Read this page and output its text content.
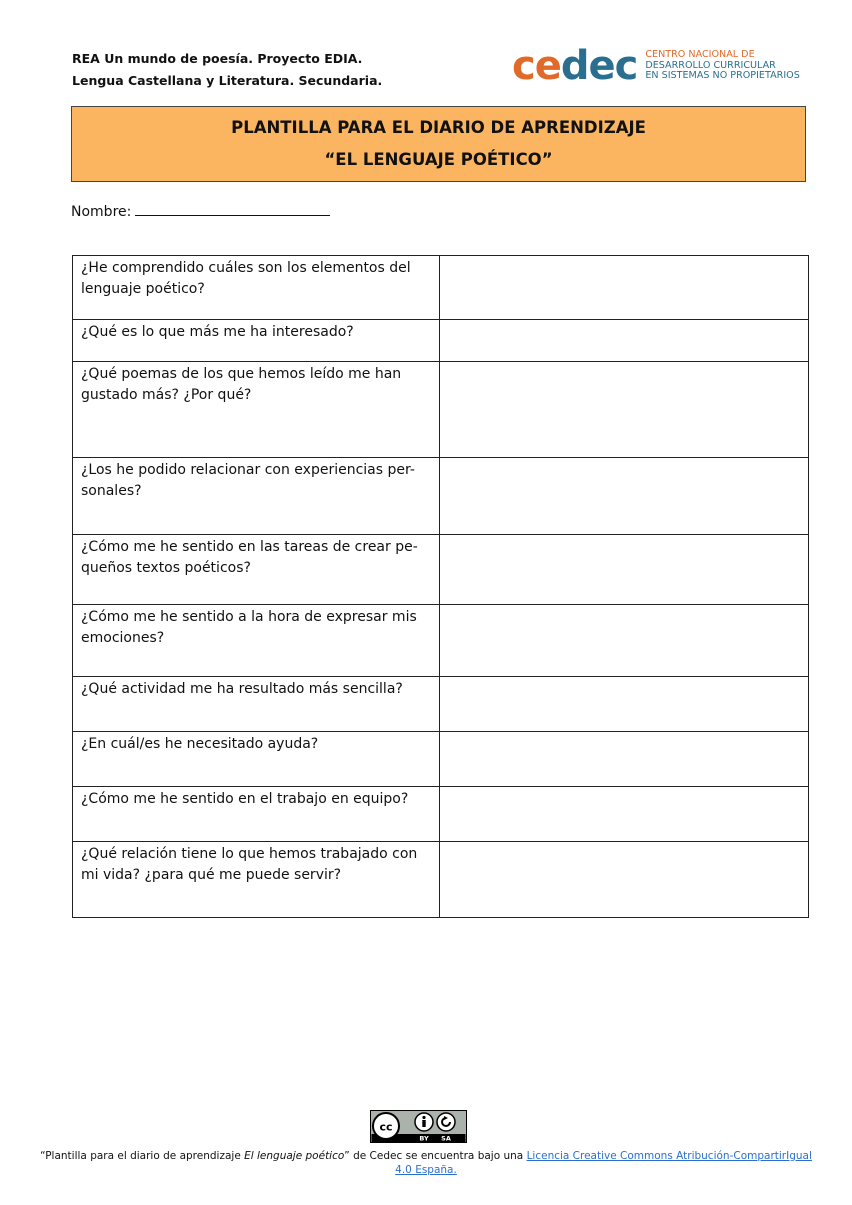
REA Un mundo de poesía. Proyecto EDIA.
Lengua Castellana y Literatura. Secundaria.	cedec CENTRO NACIONAL DE
DESARROLLO CURRICULAR
EN SISTEMAS NO PROPIETARIOS
PLANTILLA PARA EL DIARIO DE APRENDIZAJE
“EL LENGUAJE POÉTICO”
Nombre:
¿He comprendido cuáles son los elementos del lenguaje poético?	
¿Qué es lo que más me ha interesado?	
¿Qué poemas de los que hemos leído me han gustado más? ¿Por qué?	
¿Los he podido relacionar con experiencias per-sonales?	
¿Cómo me he sentido en las tareas de crear pe-queños textos poéticos?	
¿Cómo me he sentido a la hora de expresar mis emociones?	
¿Qué actividad me ha resultado más sencilla?	
¿En cuál/es he necesitado ayuda?	
¿Cómo me he sentido en el trabajo en equipo?	
¿Qué relación tiene lo que hemos trabajado con mi vida? ¿para qué me puede servir?	
cc
BY SA
“Plantilla para el diario de aprendizaje El lenguaje poético” de Cedec se encuentra bajo una Licencia Creative Commons Atribución-CompartirIgual 4.0 España.
